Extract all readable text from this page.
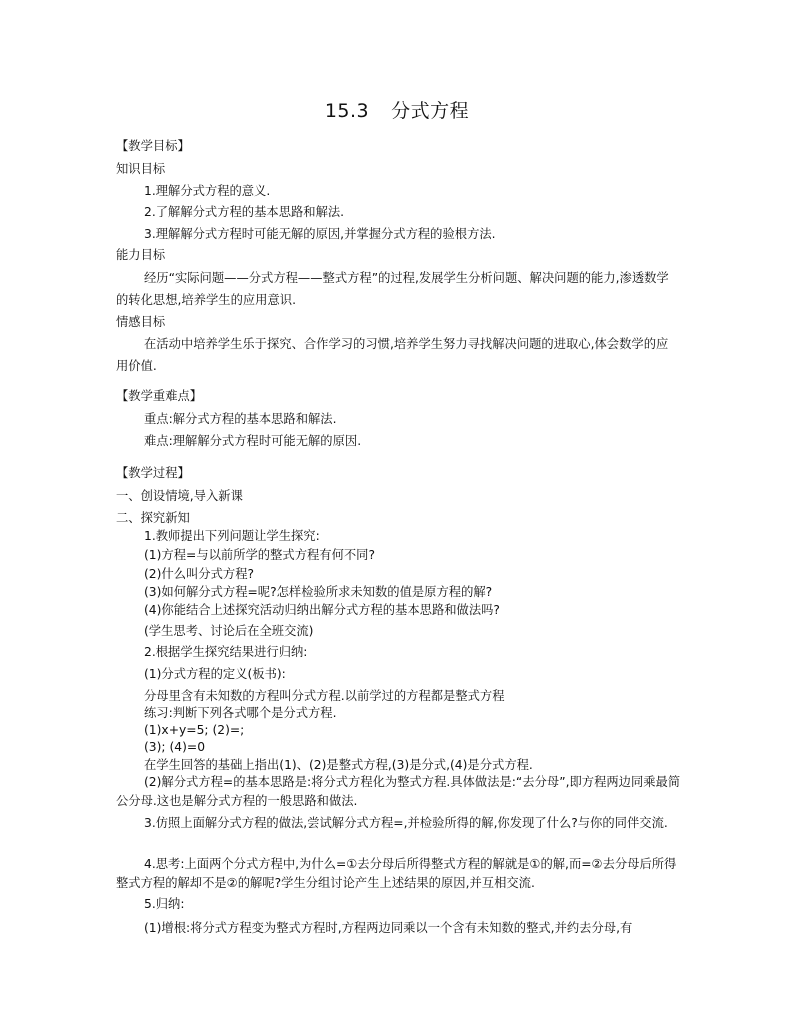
15.3 分式方程
【教学目标】
知识目标
1.理解分式方程的意义.
2.了解解分式方程的基本思路和解法.
3.理解解分式方程时可能无解的原因,并掌握分式方程的验根方法.
能力目标
经历“实际问题——分式方程——整式方程”的过程,发展学生分析问题、解决问题的能力,渗透数学的转化思想,培养学生的应用意识.
情感目标
在活动中培养学生乐于探究、合作学习的习惯,培养学生努力寻找解决问题的进取心,体会数学的应用价值.
【教学重难点】
重点:解分式方程的基本思路和解法.
难点:理解解分式方程时可能无解的原因.
【教学过程】
一、创设情境,导入新课
二、探究新知
1.教师提出下列问题让学生探究:
(1)方程=与以前所学的整式方程有何不同?
(2)什么叫分式方程?
(3)如何解分式方程=呢?怎样检验所求未知数的值是原方程的解?
(4)你能结合上述探究活动归纳出解分式方程的基本思路和做法吗?
(学生思考、讨论后在全班交流)
2.根据学生探究结果进行归纳:
(1)分式方程的定义(板书):
分母里含有未知数的方程叫分式方程.以前学过的方程都是整式方程
练习:判断下列各式哪个是分式方程.
(1)x+y=5; (2)=;
(3); (4)=0
在学生回答的基础上指出(1)、(2)是整式方程,(3)是分式,(4)是分式方程.
(2)解分式方程=的基本思路是:将分式方程化为整式方程.具体做法是:“去分母”,即方程两边同乘最简公分母.这也是解分式方程的一般思路和做法.
3.仿照上面解分式方程的做法,尝试解分式方程=,并检验所得的解,你发现了什么?与你的同伴交流.
4.思考:上面两个分式方程中,为什么=①去分母后所得整式方程的解就是①的解,而=②去分母后所得整式方程的解却不是②的解呢?学生分组讨论产生上述结果的原因,并互相交流.
5.归纳:
(1)增根:将分式方程变为整式方程时,方程两边同乘以一个含有未知数的整式,并约去分母,有
